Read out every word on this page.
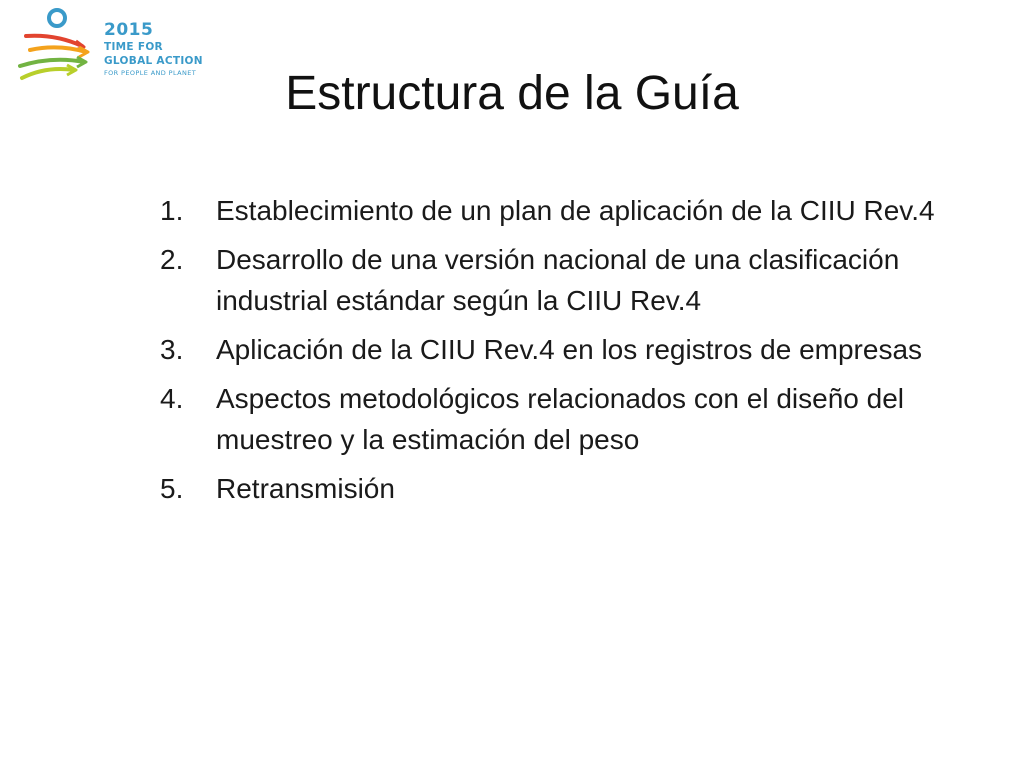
2015
TIME FOR
GLOBAL ACTION
FOR PEOPLE AND PLANET	Estructura de la Guía
1. Establecimiento de un plan de aplicación de la CIIU Rev.4
2. Desarrollo de una versión nacional de una clasificación industrial estándar según la CIIU Rev.4
3. Aplicación de la CIIU Rev.4 en los registros de empresas
4. Aspectos metodológicos relacionados con el diseño del muestreo y la estimación del peso
5. Retransmisión
